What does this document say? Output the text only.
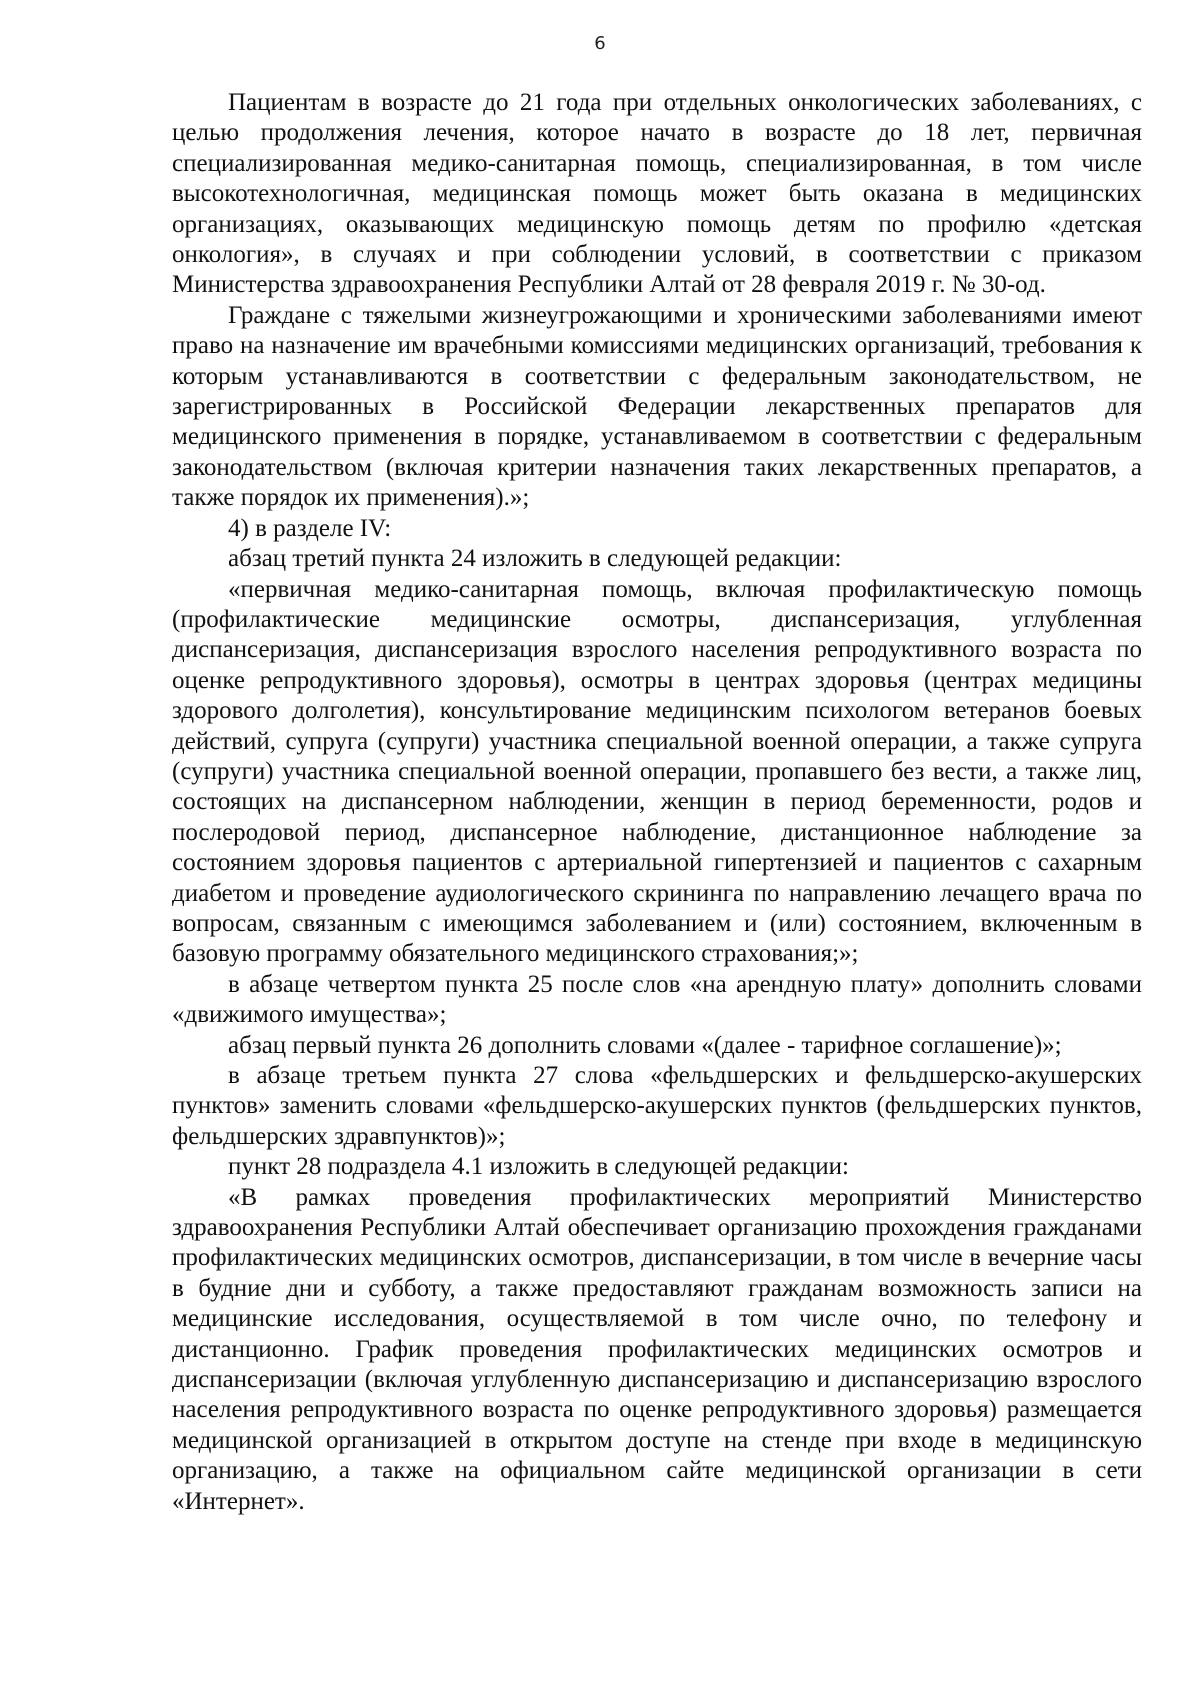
6

Пациентам в возрасте до 21 года при отдельных онкологических заболеваниях, с целью продолжения лечения, которое начато в возрасте до 18 лет, первичная специализированная медико-санитарная помощь, специализированная, в том числе высокотехнологичная, медицинская помощь может быть оказана в медицинских организациях, оказывающих медицинскую помощь детям по профилю «детская онкология», в случаях и при соблюдении условий, в соответствии с приказом Министерства здравоохранения Республики Алтай от 28 февраля 2019 г. № 30-од.

Граждане с тяжелыми жизнеугрожающими и хроническими заболеваниями имеют право на назначение им врачебными комиссиями медицинских организаций, требования к которым устанавливаются в соответствии с федеральным законодательством, не зарегистрированных в Российской Федерации лекарственных препаратов для медицинского применения в порядке, устанавливаемом в соответствии с федеральным законодательством (включая критерии назначения таких лекарственных препаратов, а также порядок их применения).»;

4) в разделе IV:

абзац третий пункта 24 изложить в следующей редакции:

«первичная медико-санитарная помощь, включая профилактическую помощь (профилактические медицинские осмотры, диспансеризация, углубленная диспансеризация, диспансеризация взрослого населения репродуктивного возраста по оценке репродуктивного здоровья), осмотры в центрах здоровья (центрах медицины здорового долголетия), консультирование медицинским психологом ветеранов боевых действий, супруга (супруги) участника специальной военной операции, а также супруга (супруги) участника специальной военной операции, пропавшего без вести, а также лиц, состоящих на диспансерном наблюдении, женщин в период беременности, родов и послеродовой период, диспансерное наблюдение, дистанционное наблюдение за состоянием здоровья пациентов с артериальной гипертензией и пациентов с сахарным диабетом и проведение аудиологического скрининга по направлению лечащего врача по вопросам, связанным с имеющимся заболеванием и (или) состоянием, включенным в базовую программу обязательного медицинского страхования;»;

в абзаце четвертом пункта 25 после слов «на арендную плату» дополнить словами «движимого имущества»;

абзац первый пункта 26 дополнить словами «(далее - тарифное соглашение)»;

в абзаце третьем пункта 27 слова «фельдшерских и фельдшерско-акушерских пунктов» заменить словами «фельдшерско-акушерских пунктов (фельдшерских пунктов, фельдшерских здравпунктов)»;

пункт 28 подраздела 4.1 изложить в следующей редакции:

«В рамках проведения профилактических мероприятий Министерство здравоохранения Республики Алтай обеспечивает организацию прохождения гражданами профилактических медицинских осмотров, диспансеризации, в том числе в вечерние часы в будние дни и субботу, а также предоставляют гражданам возможность записи на медицинские исследования, осуществляемой в том числе очно, по телефону и дистанционно. График проведения профилактических медицинских осмотров и диспансеризации (включая углубленную диспансеризацию и диспансеризацию взрослого населения репродуктивного возраста по оценке репродуктивного здоровья) размещается медицинской организацией в открытом доступе на стенде при входе в медицинскую организацию, а также на официальном сайте медицинской организации в сети «Интернет».
